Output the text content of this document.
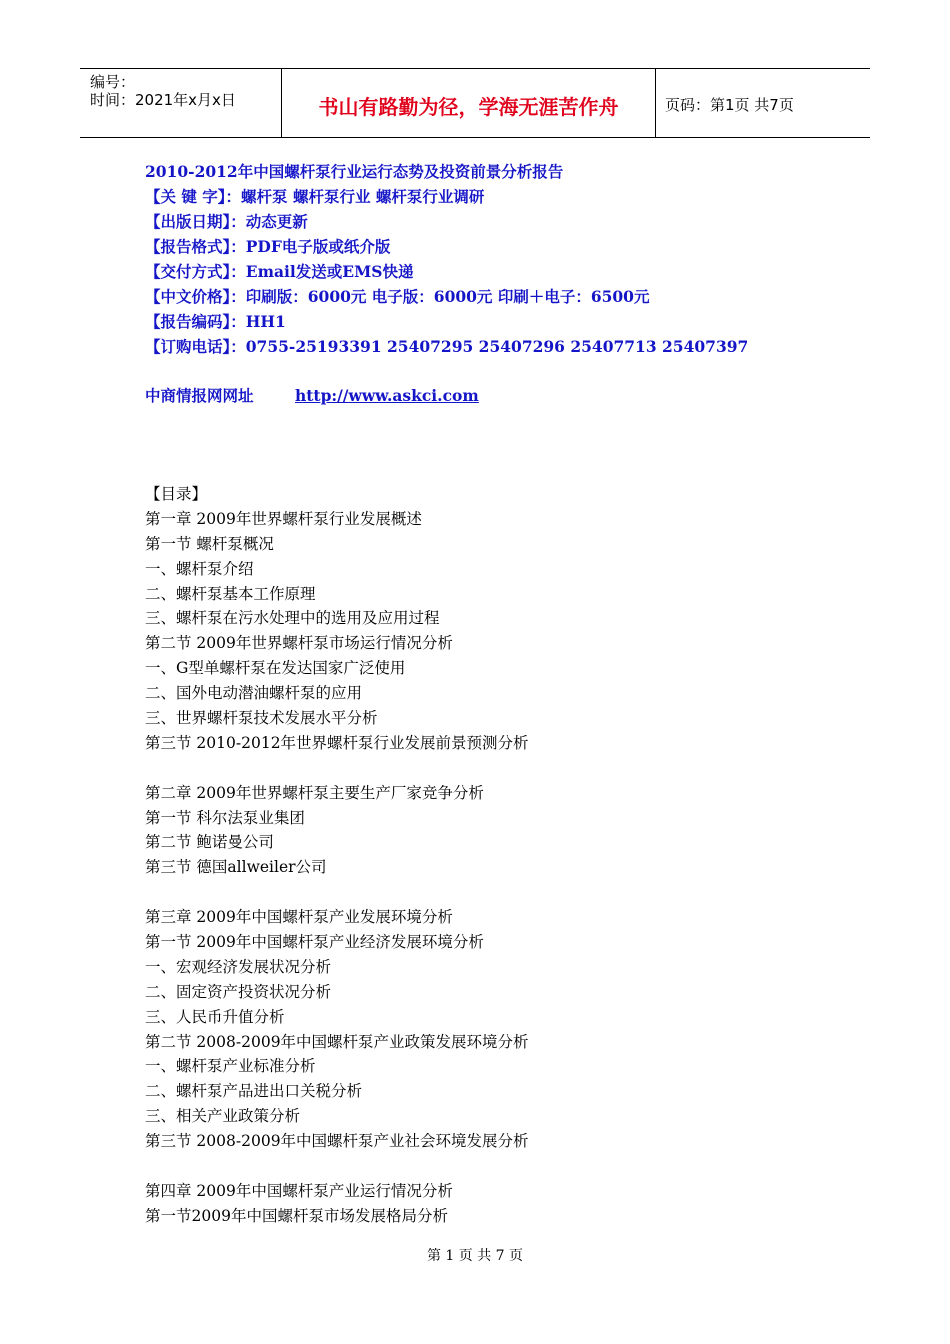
编号：
时间：2021年x月x日	书山有路勤为径，学海无涯苦作舟	页码：第1页 共7页
2010-2012年中国螺杆泵行业运行态势及投资前景分析报告
【关 键 字】：螺杆泵 螺杆泵行业 螺杆泵行业调研
【出版日期】：动态更新
【报告格式】：PDF电子版或纸介版
【交付方式】：Email发送或EMS快递
【中文价格】：印刷版：6000元 电子版：6000元 印刷＋电子：6500元
【报告编码】：HH1
【订购电话】：0755-25193391 25407295 25407296 25407713 25407397
中商情报网网址	http://www.askci.com
【目录】
第一章 2009年世界螺杆泵行业发展概述
第一节 螺杆泵概况
一、螺杆泵介绍
二、螺杆泵基本工作原理
三、螺杆泵在污水处理中的选用及应用过程
第二节 2009年世界螺杆泵市场运行情况分析
一、G型单螺杆泵在发达国家广泛使用
二、国外电动潜油螺杆泵的应用
三、世界螺杆泵技术发展水平分析
第三节 2010-2012年世界螺杆泵行业发展前景预测分析
第二章 2009年世界螺杆泵主要生产厂家竞争分析
第一节 科尔法泵业集团
第二节 鲍诺曼公司
第三节 德国allweiler公司
第三章 2009年中国螺杆泵产业发展环境分析
第一节 2009年中国螺杆泵产业经济发展环境分析
一、宏观经济发展状况分析
二、固定资产投资状况分析
三、人民币升值分析
第二节 2008-2009年中国螺杆泵产业政策发展环境分析
一、螺杆泵产业标准分析
二、螺杆泵产品进出口关税分析
三、相关产业政策分析
第三节 2008-2009年中国螺杆泵产业社会环境发展分析
第四章 2009年中国螺杆泵产业运行情况分析
第一节2009年中国螺杆泵市场发展格局分析
第 1 页 共 7 页
